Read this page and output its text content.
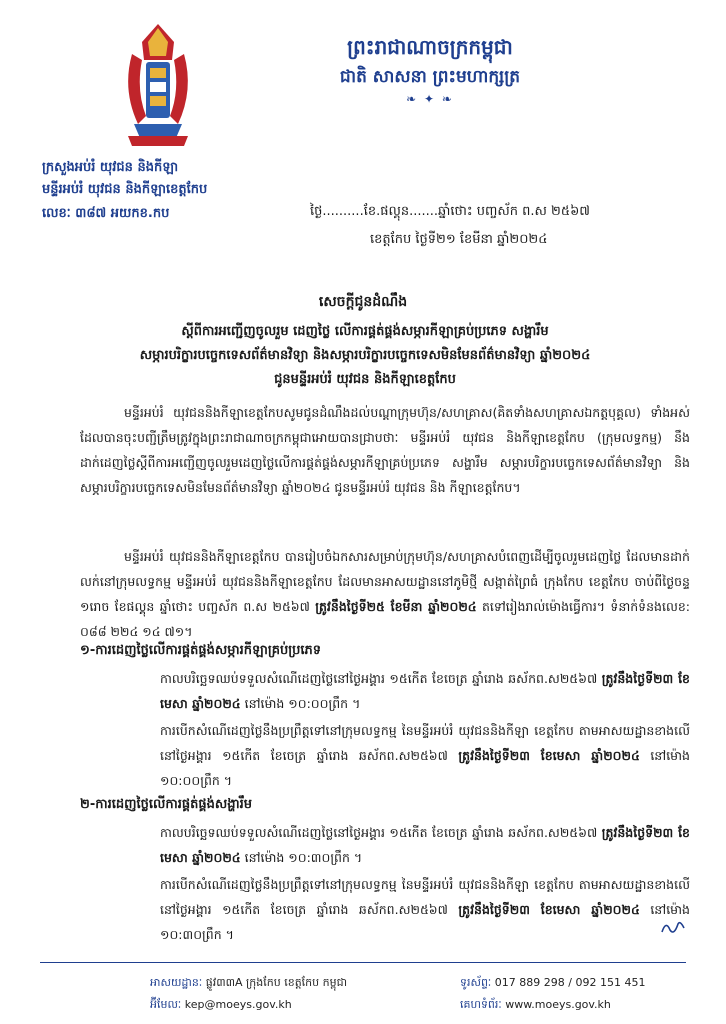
ព្រះរាជាណាចក្រកម្ពុជា
ជាតិ សាសនា ព្រះមហាក្សត្រ
❧ ✦ ❧
ក្រសួងអប់រំ យុវជន និងកីឡា
មន្ទីរអប់រំ យុវជន និងកីឡាខេត្តកែប
លេខៈ ៣៨៧ អយកខ.កប	ថ្ងៃ..........ខែ.ផល្គុន.......ឆ្នាំថោះ បញ្ចស័ក ព.ស ២៥៦៧
ខេត្តកែប ថ្ងៃទី២១ ខែមីនា ឆ្នាំ២០២៤
សេចក្តីជូនដំណឹង
ស្តីពីការអញ្ជើញចូលរួម ដេញថ្លៃ លើការផ្គត់ផ្គង់សម្ភារកីឡាគ្រប់ប្រភេទ សង្ហារឹម
សម្ភារបរិក្ខារបច្ចេកទេសព័ត៌មានវិទ្យា និងសម្ភារបរិក្ខារបច្ចេកទេសមិនមែនព័ត៌មានវិទ្យា ឆ្នាំ២០២៤
ជូនមន្ទីរអប់រំ យុវជន និងកីឡាខេត្តកែប
មន្ទីរអប់រំ យុវជននិងកីឡាខេត្តកែបសូមជូនដំណឹងដល់បណ្តាក្រុមហ៊ុន/សហគ្រាស(គិតទាំងសហគ្រាសឯកត្តបុគ្គល) ទាំងអស់ដែលបានចុះបញ្ជីត្រឹមត្រូវក្នុងព្រះរាជាណាចក្រកម្ពុជាអោយបានជ្រាបថាៈ មន្ទីរអប់រំ យុវជន និងកីឡាខេត្តកែប (ក្រុមលទ្ធកម្ម) នឹងដាក់ដេញថ្លៃស្តីពីការអញ្ជើញចូលរួមដេញថ្លៃលើការផ្គត់ផ្គង់សម្ភារកីឡាគ្រប់ប្រភេទ សង្ហារឹម សម្ភារបរិក្ខារបច្ចេកទេសព័ត៌មានវិទ្យា និងសម្ភារបរិក្ខារបច្ចេកទេសមិនមែនព័ត៌មានវិទ្យា ឆ្នាំ២០២៤ ជូនមន្ទីរអប់រំ យុវជន និង កីឡាខេត្តកែប។
មន្ទីរអប់រំ យុវជននិងកីឡាខេត្តកែប បានរៀបចំឯកសារសម្រាប់ក្រុមហ៊ុន/សហគ្រាសបំពេញដើម្បីចូលរួមដេញថ្លៃ ដែលមានដាក់លក់នៅក្រុមលទ្ធកម្ម មន្ទីរអប់រំ យុវជននិងកីឡាខេត្តកែប ដែលមានអាសយដ្ឋាននៅភូមិថ្មី សង្កាត់ព្រៃធំ ក្រុងកែប ខេត្តកែប ចាប់ពីថ្ងៃចន្ទ ១រោច ខែផល្គុន ឆ្នាំថោះ បញ្ចស័ក ព.ស ២៥៦៧ ត្រូវនឹងថ្ងៃទី២៥ ខែមីនា ឆ្នាំ២០២៤ តទៅរៀងរាល់ម៉ោងធ្វើការ។ ទំនាក់ទំនងលេខ: ០៨៨ ២២៤ ១៤ ៧១។
១-ការដេញថ្លៃលើការផ្គត់ផ្គង់សម្ភារកីឡាគ្រប់ប្រភេទ
កាលបរិច្ឆេទឈប់ទទួលសំណើដេញថ្លៃនៅថ្ងៃអង្គារ ១៥កើត ខែចេត្រ ឆ្នាំរោង ឆស័កព.ស២៥៦៧ ត្រូវនឹងថ្ងៃទី២៣ ខែមេសា ឆ្នាំ២០២៤ នៅម៉ោង ១០:០០ព្រឹក ។
ការបើកសំណើដេញថ្លៃនឹងប្រព្រឹត្តទៅនៅក្រុមលទ្ធកម្ម នៃមន្ទីរអប់រំ យុវជននិងកីឡា ខេត្តកែប តាមអាសយដ្ឋានខាងលើ នៅថ្ងៃអង្គារ ១៥កើត ខែចេត្រ ឆ្នាំរោង ឆស័កព.ស២៥៦៧ ត្រូវនឹងថ្ងៃទី២៣ ខែមេសា ឆ្នាំ២០២៤ នៅម៉ោង ១០:០០ព្រឹក ។
២-ការដេញថ្លៃលើការផ្គត់ផ្គង់សង្ហារឹម
កាលបរិច្ឆេទឈប់ទទួលសំណើដេញថ្លៃនៅថ្ងៃអង្គារ ១៥កើត ខែចេត្រ ឆ្នាំរោង ឆស័កព.ស២៥៦៧ ត្រូវនឹងថ្ងៃទី២៣ ខែមេសា ឆ្នាំ២០២៤ នៅម៉ោង ១០:៣០ព្រឹក ។
ការបើកសំណើដេញថ្លៃនឹងប្រព្រឹត្តទៅនៅក្រុមលទ្ធកម្ម នៃមន្ទីរអប់រំ យុវជននិងកីឡា ខេត្តកែប តាមអាសយដ្ឋានខាងលើ នៅថ្ងៃអង្គារ ១៥កើត ខែចេត្រ ឆ្នាំរោង ឆស័កព.ស២៥៦៧ ត្រូវនឹងថ្ងៃទី២៣ ខែមេសា ឆ្នាំ២០២៤ នៅម៉ោង ១០:៣០ព្រឹក ។
អាសយដ្ឋានៈ ផ្លូវ៣៣A ក្រុងកែប ខេត្តកែប កម្ពុជា
អ៊ីមែលៈ kep@moeys.gov.kh
ទូរស័ព្ទៈ 017 889 298 / 092 151 451
គេហទំព័រៈ www.moeys.gov.kh
